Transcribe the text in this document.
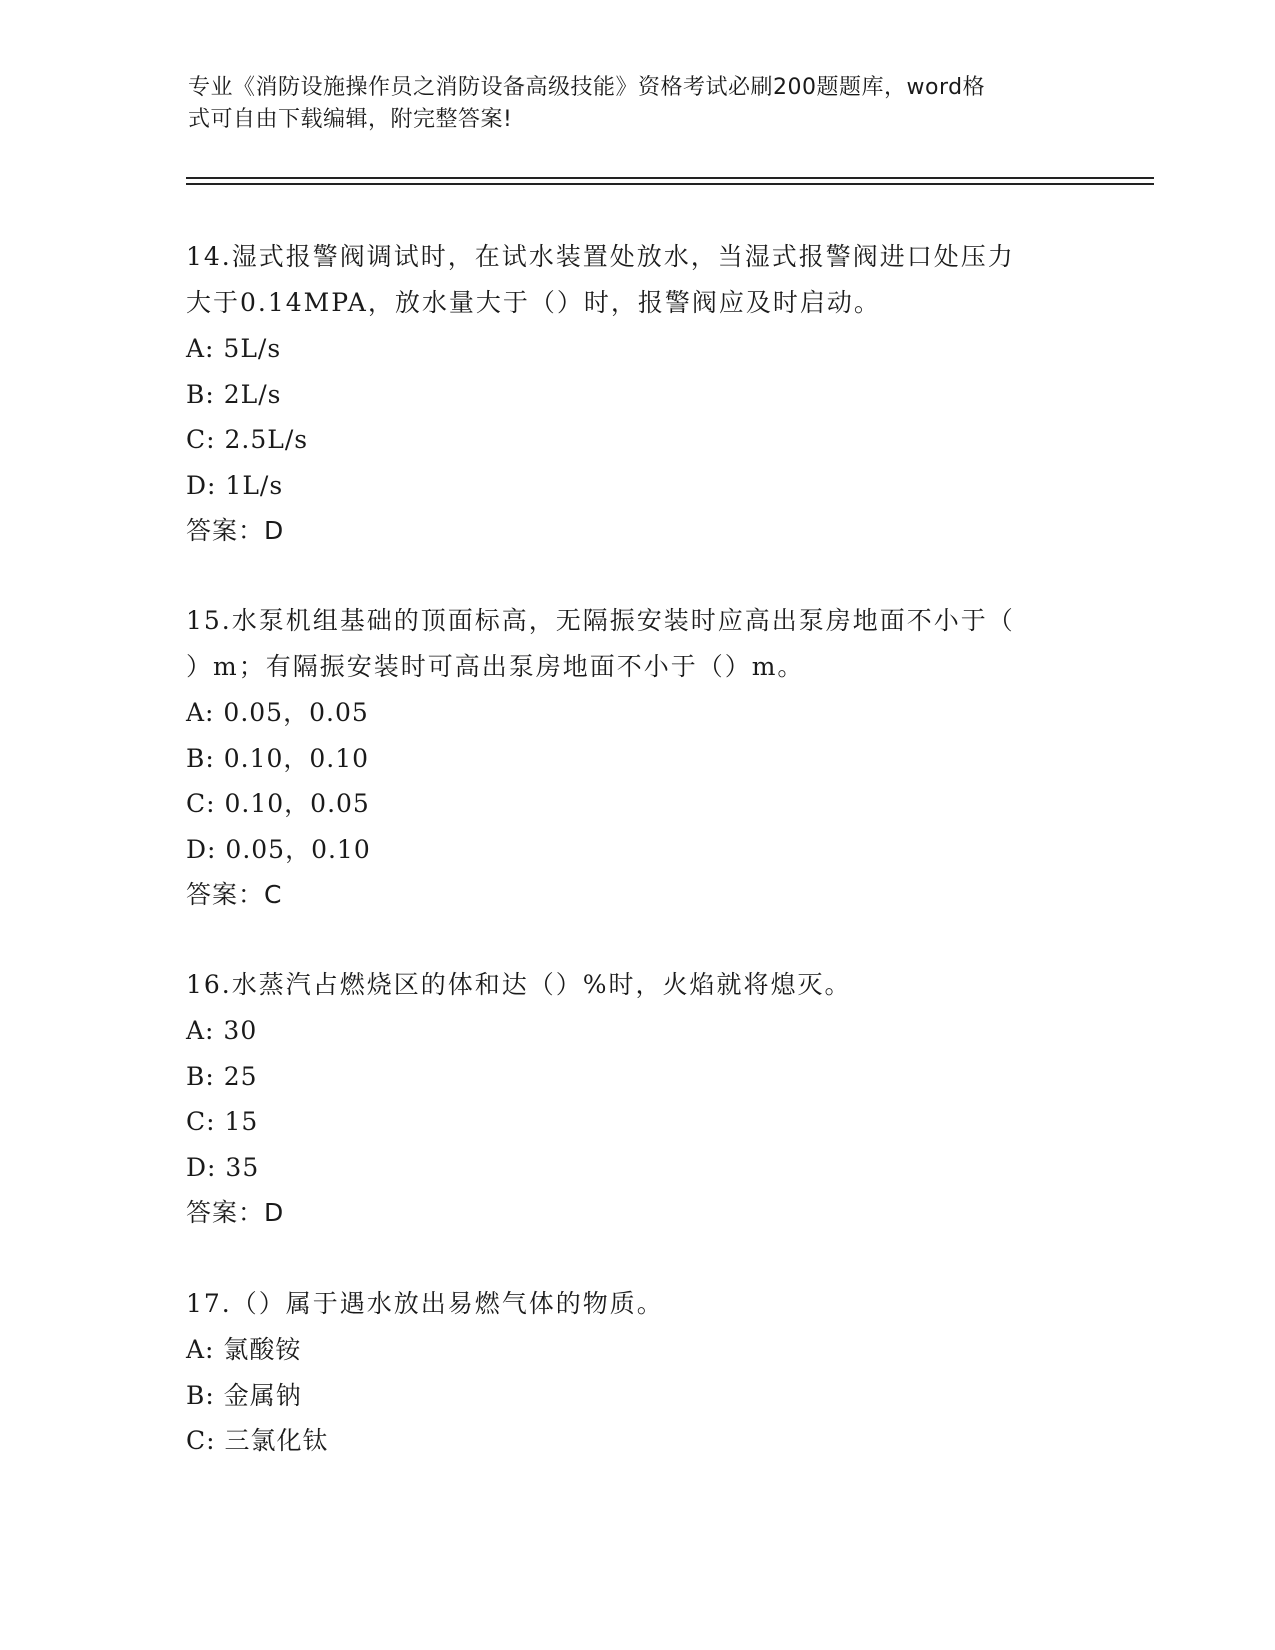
专业《消防设施操作员之消防设备高级技能》资格考试必刷200题题库，word格
式可自由下载编辑，附完整答案!
14.湿式报警阀调试时，在试水装置处放水，当湿式报警阀进口处压力
大于0.14MPA，放水量大于（）时，报警阀应及时启动。
A: 5L/s
B: 2L/s
C: 2.5L/s
D: 1L/s
答案：D
15.水泵机组基础的顶面标高，无隔振安装时应高出泵房地面不小于（
）m；有隔振安装时可高出泵房地面不小于（）m。
A: 0.05，0.05
B: 0.10，0.10
C: 0.10，0.05
D: 0.05，0.10
答案：C
16.水蒸汽占燃烧区的体和达（）%时，火焰就将熄灭。
A: 30
B: 25
C: 15
D: 35
答案：D
17.（）属于遇水放出易燃气体的物质。
A: 氯酸铵
B: 金属钠
C: 三氯化钛
